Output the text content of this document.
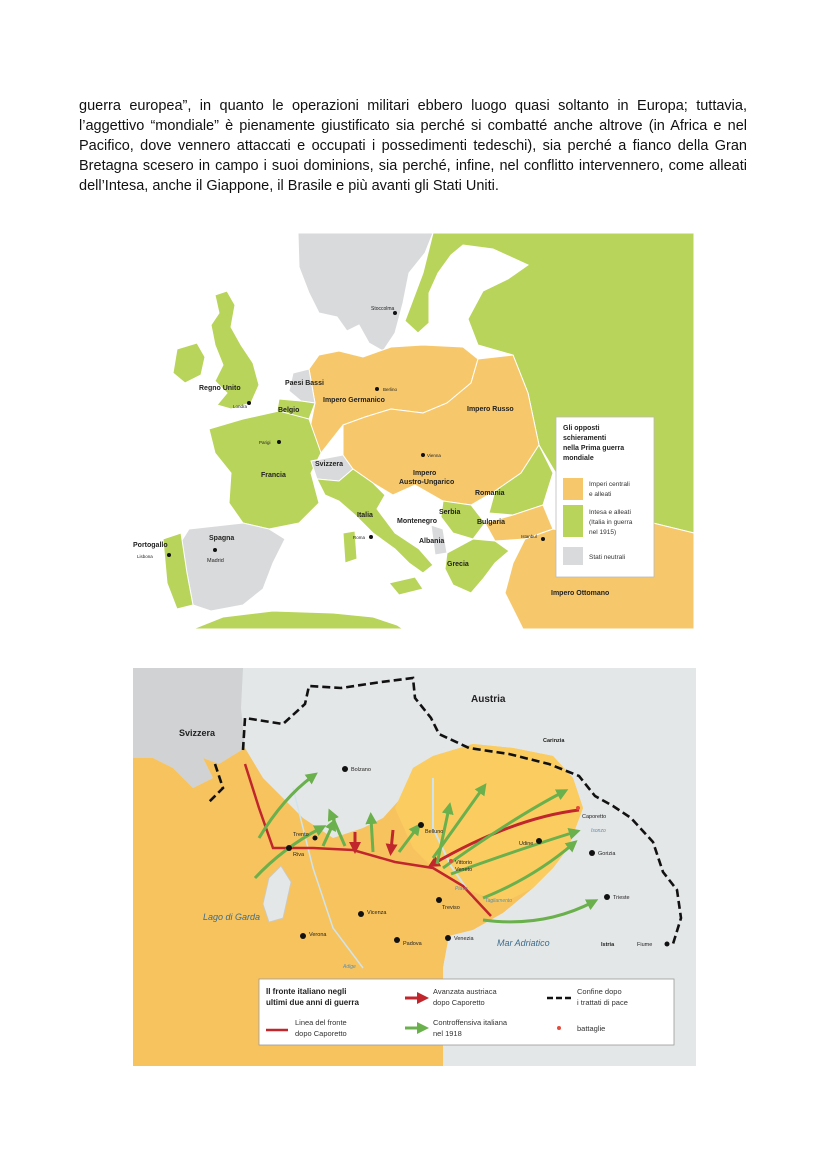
guerra europea”, in quanto le operazioni militari ebbero luogo quasi soltanto in Europa; tuttavia, l’aggettivo “mondiale” è pienamente giustificato sia perché si combatté anche altrove (in Africa e nel Pacifico, dove vennero attaccati e occupati i possedimenti tedeschi), sia perché a fianco della Gran Bretagna scesero in campo i suoi dominions, sia perché, infine, nel conflitto intervennero, come alleati dell’Intesa, anche il Giappone, il Brasile e più avanti gli Stati Uniti.

Stoccolma
Regno Unito
Londra
Paesi Bassi
Belgio
Berlino
Impero Germanico
Impero Russo
Parigi
Francia
Svizzera
Vienna
Impero
Austro-Ungarico
Romania
Italia	Serbia
Montenegro	Bulgaria
Istanbul
Roma
Albania
Spagna
Madrid
Portogallo
Lisbona
Grecia
Impero Ottomano
Gli opposti
schieramenti
nella Prima guerra
mondiale
Imperi centrali
e alleati
Intesa e alleati
(Italia in guerra
nel 1915)
Stati neutrali
Austria
Svizzera
Carinzia
Bolzano
Caporetto
Trento	Belluno
Riva
Udine
Gorizia
Isonzo
Vittorio
Veneto
Piave
Tagliamento	Trieste
Lago di Garda	Vicenza
Treviso
Verona
Padova
Venezia	Mar Adriatico	Istria	Fiume
Adige
Il fronte italiano negli
ultimi due anni di guerra
Linea del fronte
dopo Caporetto
Avanzata austriaca
dopo Caporetto
Controffensiva italiana
nel 1918
Confine dopo
i trattati di pace
battaglie
